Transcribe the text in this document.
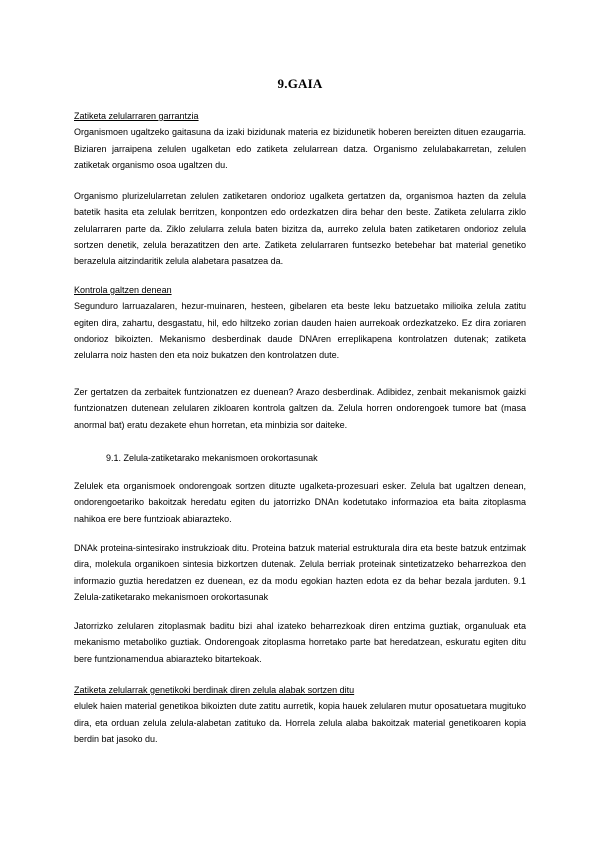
9.GAIA

Zatiketa zelularraren garrantzia

Organismoen ugaltzeko gaitasuna da izaki bizidunak materia ez bizidunetik hoberen bereizten dituen ezaugarria. Biziaren jarraipena zelulen ugalketan edo zatiketa zelularrean datza. Organismo zelulabakarretan, zelulen zatiketak organismo osoa ugaltzen du.

Organismo plurizelularretan zelulen zatiketaren ondorioz ugalketa gertatzen da, organismoa hazten da zelula batetik hasita eta zelulak berritzen, konpontzen edo ordezkatzen dira behar den beste. Zatiketa zelularra ziklo zelularraren parte da. Ziklo zelularra zelula baten bizitza da, aurreko zelula baten zatiketaren ondorioz zelula sortzen denetik, zelula berazatitzen den arte. Zatiketa zelularraren funtsezko betebehar bat material genetiko berazelula aitzindaritik zelula alabetara pasatzea da.

Kontrola galtzen denean

Segunduro larruazalaren, hezur-muinaren, hesteen, gibelaren eta beste leku batzuetako milioika zelula zatitu egiten dira, zahartu, desgastatu, hil, edo hiltzeko zorian dauden haien aurrekoak ordezkatzeko. Ez dira zoriaren ondorioz bikoizten. Mekanismo desberdinak daude DNAren erreplikapena kontrolatzen dutenak; zatiketa zelularra noiz hasten den eta noiz bukatzen den kontrolatzen dute.

Zer gertatzen da zerbaitek funtzionatzen ez duenean? Arazo desberdinak. Adibidez, zenbait mekanismok gaizki funtzionatzen dutenean zelularen zikloaren kontrola galtzen da. Zelula horren ondorengoek tumore bat (masa anormal bat) eratu dezakete ehun horretan, eta minbizia sor daiteke.

9.1. Zelula-zatiketarako mekanismoen orokortasunak

Zelulek eta organismoek ondorengoak sortzen dituzte ugalketa-prozesuari esker. Zelula bat ugaltzen denean, ondorengoetariko bakoitzak heredatu egiten du jatorrizko DNAn kodetutako informazioa eta baita zitoplasma nahikoa ere bere funtzioak abiarazteko.

DNAk proteina-sintesirako instrukzioak ditu. Proteina batzuk material estrukturala dira eta beste batzuk entzimak dira, molekula organikoen sintesia bizkortzen dutenak. Zelula berriak proteinak sintetizatzeko beharrezkoa den informazio guztia heredatzen ez duenean, ez da modu egokian hazten edota ez da behar bezala jarduten. 9.1 Zelula-zatiketarako mekanismoen orokortasunak

Jatorrizko zelularen zitoplasmak baditu bizi ahal izateko beharrezkoak diren entzima guztiak, organuluak eta mekanismo metaboliko guztiak. Ondorengoak zitoplasma horretako parte bat heredatzean, eskuratu egiten ditu bere funtzionamendua abiarazteko bitartekoak.

Zatiketa zelularrak genetikoki berdinak diren zelula alabak sortzen ditu

elulek haien material genetikoa bikoizten dute zatitu aurretik, kopia hauek zelularen mutur oposatuetara mugituko dira, eta orduan zelula zelula-alabetan zatituko da. Horrela zelula alaba bakoitzak material genetikoaren kopia berdin bat jasoko du.
